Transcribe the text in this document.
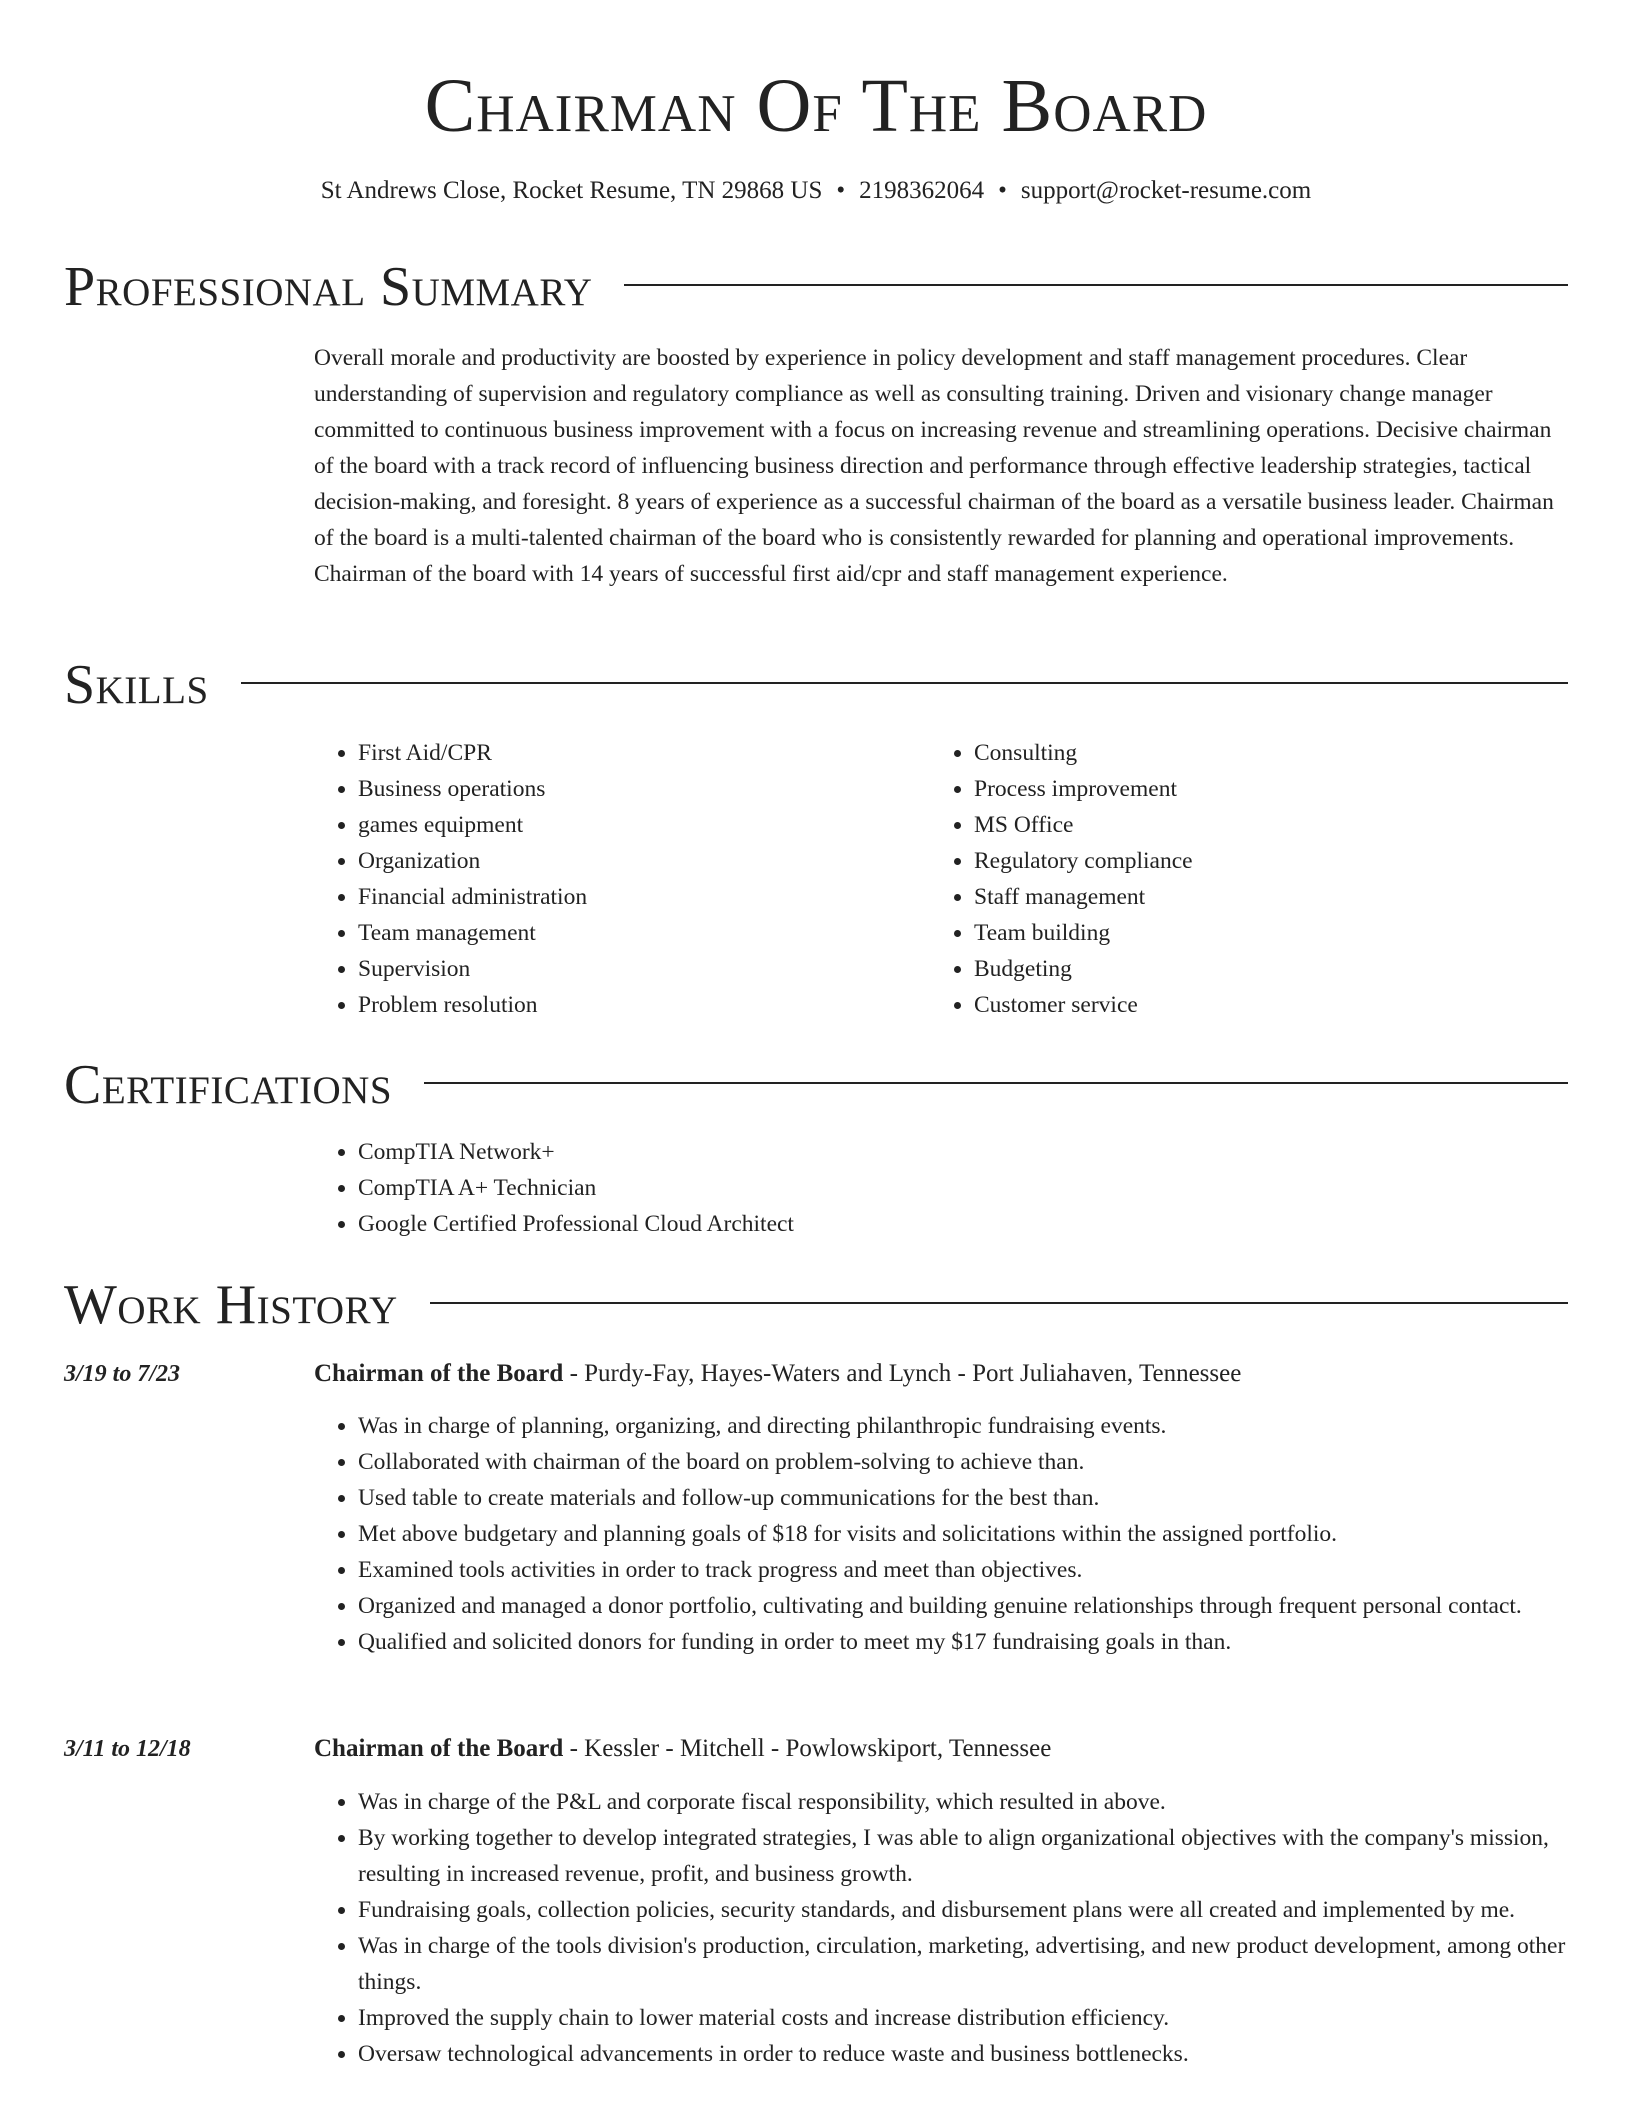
Chairman Of The Board
St Andrews Close, Rocket Resume, TN 29868 US • 2198362064 • support@rocket-resume.com
Professional Summary

Overall morale and productivity are boosted by experience in policy development and staff management procedures. Clear understanding of supervision and regulatory compliance as well as consulting training. Driven and visionary change manager committed to continuous business improvement with a focus on increasing revenue and streamlining operations. Decisive chairman of the board with a track record of influencing business direction and performance through effective leadership strategies, tactical decision-making, and foresight. 8 years of experience as a successful chairman of the board as a versatile business leader. Chairman of the board is a multi-talented chairman of the board who is consistently rewarded for planning and operational improvements. Chairman of the board with 14 years of successful first aid/cpr and staff management experience.

Skills
• First Aid/CPR
• Business operations
• games equipment
• Organization
• Financial administration
• Team management
• Supervision
• Problem resolution
• Consulting
• Process improvement
• MS Office
• Regulatory compliance
• Staff management
• Team building
• Budgeting
• Customer service
Certifications
• CompTIA Network+
• CompTIA A+ Technician
• Google Certified Professional Cloud Architect
Work History
3/19 to 7/23	Chairman of the Board - Purdy-Fay, Hayes-Waters and Lynch - Port Juliahaven, Tennessee
• Was in charge of planning, organizing, and directing philanthropic fundraising events.
• Collaborated with chairman of the board on problem-solving to achieve than.
• Used table to create materials and follow-up communications for the best than.
• Met above budgetary and planning goals of $18 for visits and solicitations within the assigned portfolio.
• Examined tools activities in order to track progress and meet than objectives.
• Organized and managed a donor portfolio, cultivating and building genuine relationships through frequent personal contact.
• Qualified and solicited donors for funding in order to meet my $17 fundraising goals in than.
3/11 to 12/18	Chairman of the Board - Kessler - Mitchell - Powlowskiport, Tennessee
• Was in charge of the P&L and corporate fiscal responsibility, which resulted in above.
• By working together to develop integrated strategies, I was able to align organizational objectives with the company's mission, resulting in increased revenue, profit, and business growth.
• Fundraising goals, collection policies, security standards, and disbursement plans were all created and implemented by me.
• Was in charge of the tools division's production, circulation, marketing, advertising, and new product development, among other things.
• Improved the supply chain to lower material costs and increase distribution efficiency.
• Oversaw technological advancements in order to reduce waste and business bottlenecks.
